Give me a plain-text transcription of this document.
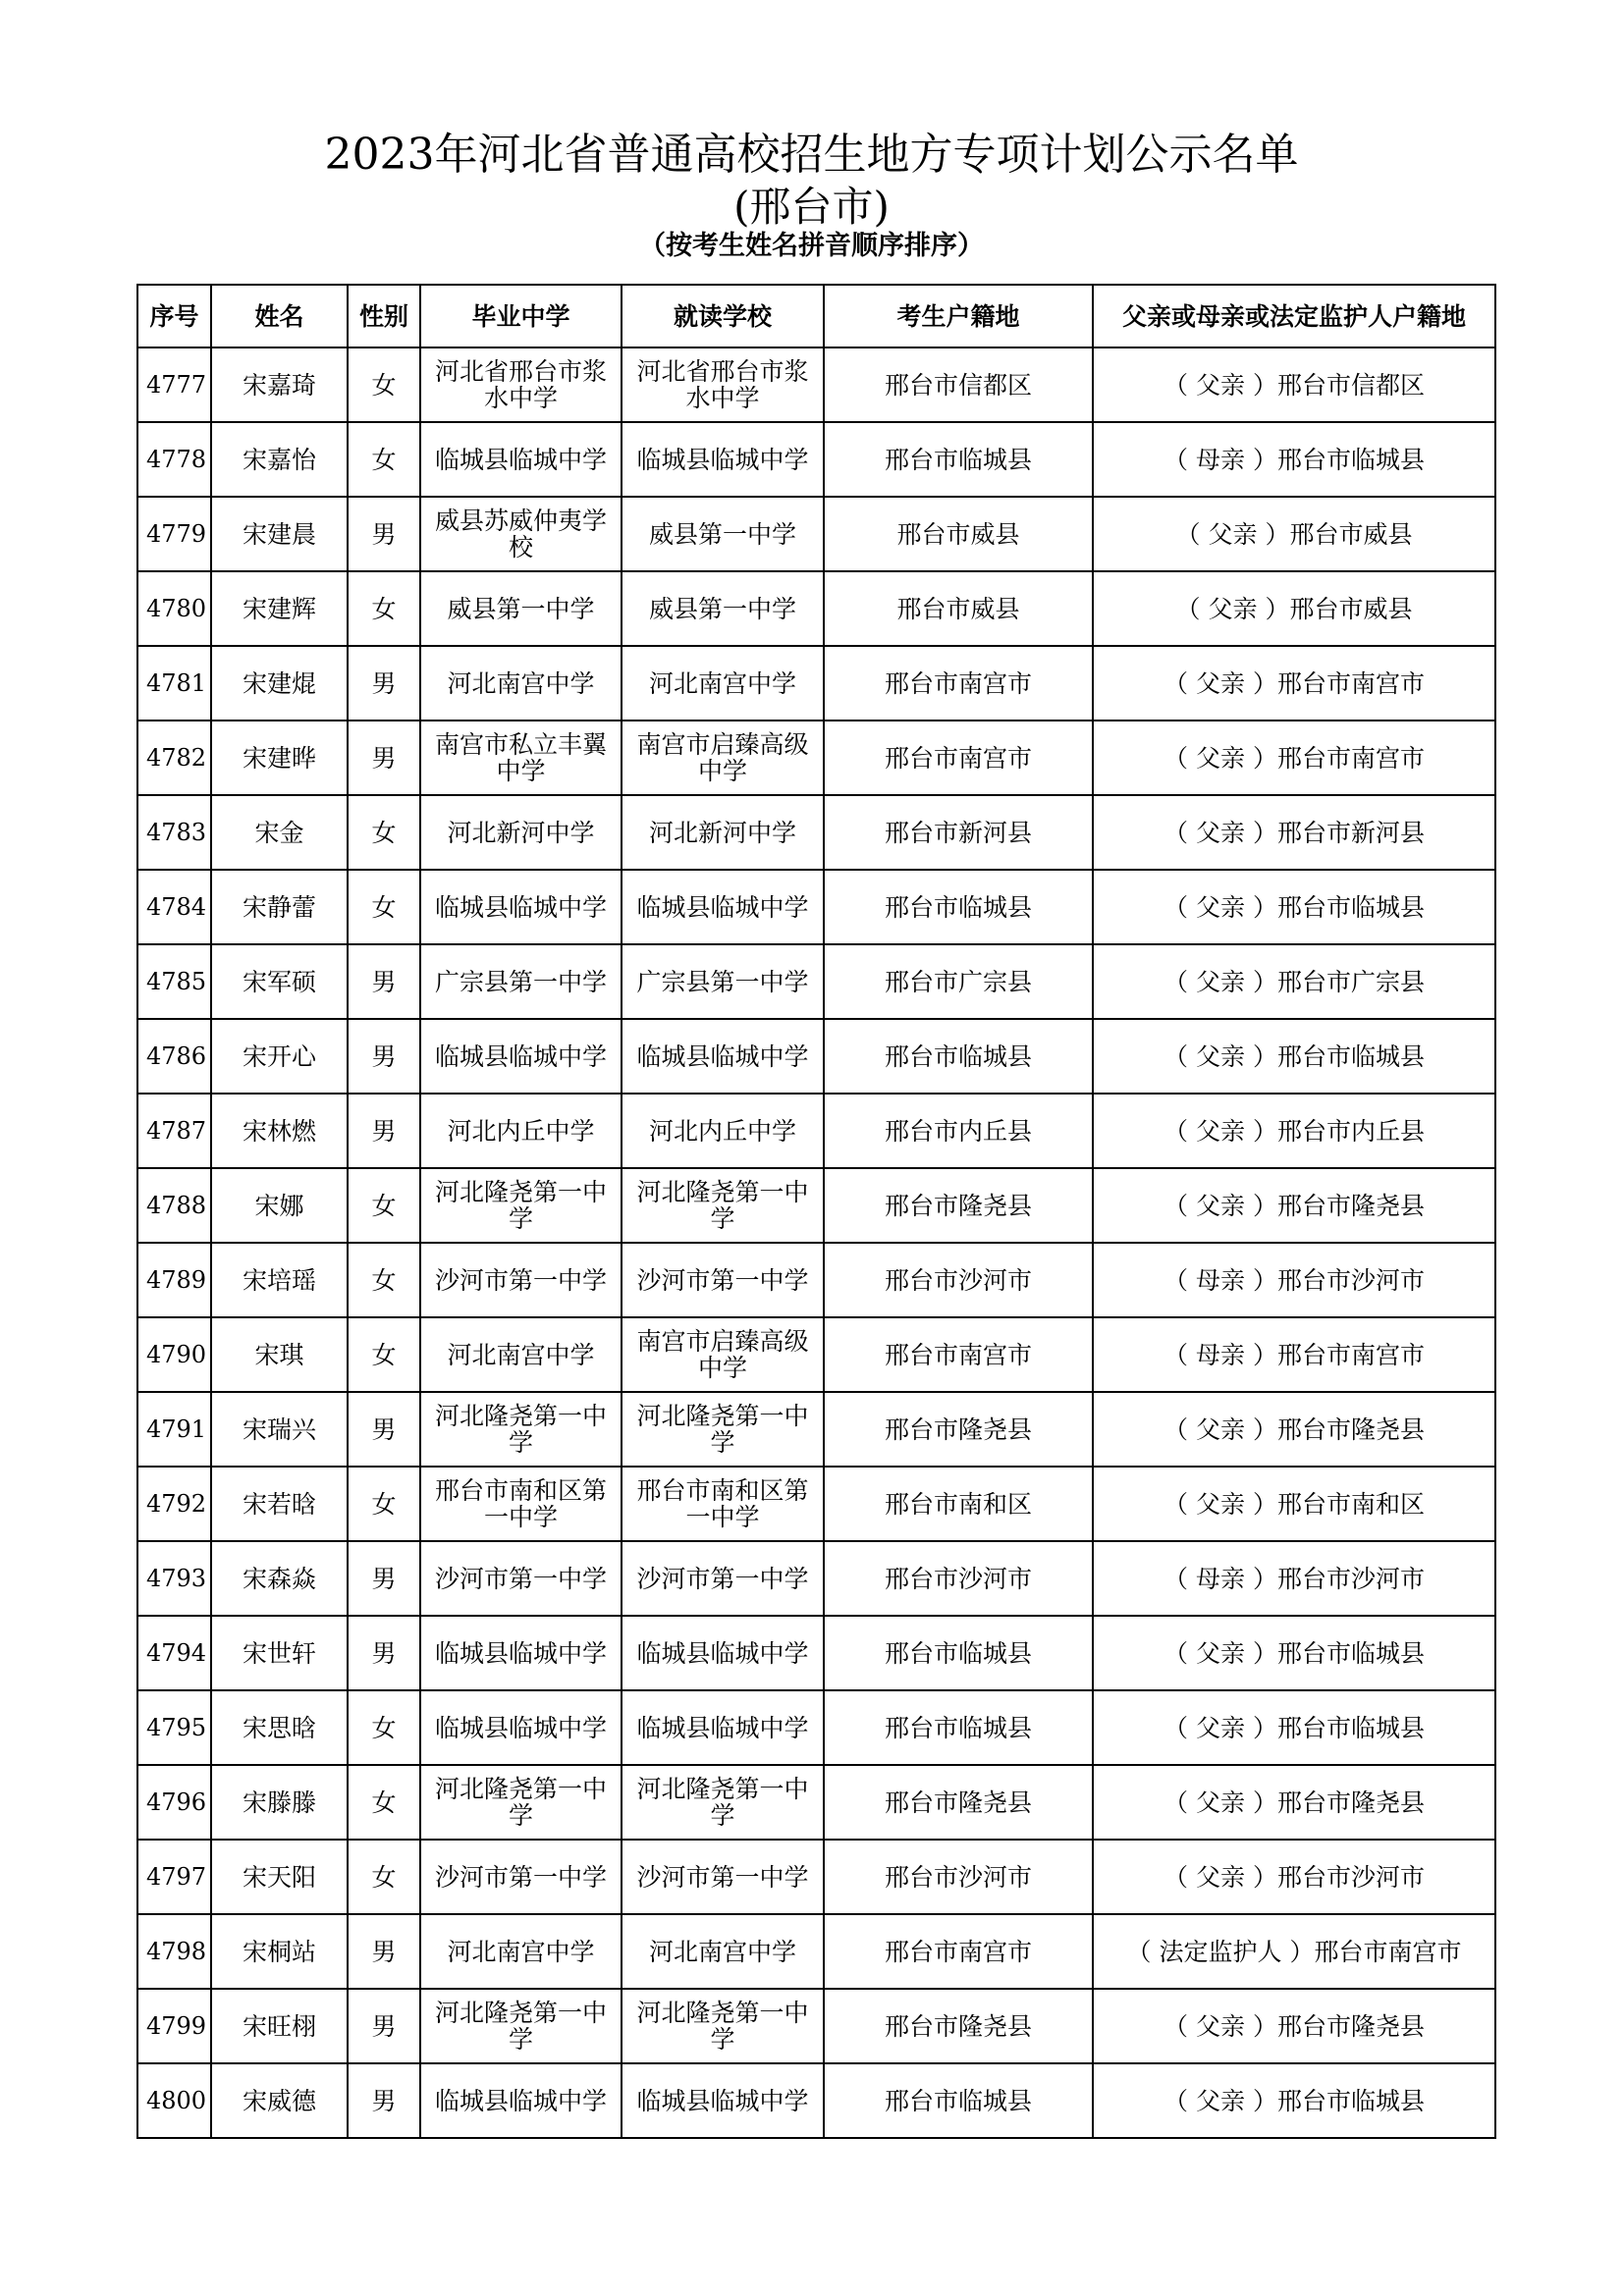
2023年河北省普通高校招生地方专项计划公示名单
(邢台市)
（按考生姓名拼音顺序排序）
序号	姓名	性别	毕业中学	就读学校	考生户籍地	父亲或母亲或法定监护人户籍地
4777	宋嘉琦	女	河北省邢台市浆水中学	河北省邢台市浆水中学	邢台市信都区	（ 父亲 ）邢台市信都区
4778	宋嘉怡	女	临城县临城中学	临城县临城中学	邢台市临城县	（ 母亲 ）邢台市临城县
4779	宋建晨	男	威县苏威仲夷学校	威县第一中学	邢台市威县	（ 父亲 ）邢台市威县
4780	宋建辉	女	威县第一中学	威县第一中学	邢台市威县	（ 父亲 ）邢台市威县
4781	宋建焜	男	河北南宫中学	河北南宫中学	邢台市南宫市	（ 父亲 ）邢台市南宫市
4782	宋建晔	男	南宫市私立丰翼中学	南宫市启臻高级中学	邢台市南宫市	（ 父亲 ）邢台市南宫市
4783	宋金	女	河北新河中学	河北新河中学	邢台市新河县	（ 父亲 ）邢台市新河县
4784	宋静蕾	女	临城县临城中学	临城县临城中学	邢台市临城县	（ 父亲 ）邢台市临城县
4785	宋军硕	男	广宗县第一中学	广宗县第一中学	邢台市广宗县	（ 父亲 ）邢台市广宗县
4786	宋开心	男	临城县临城中学	临城县临城中学	邢台市临城县	（ 父亲 ）邢台市临城县
4787	宋林燃	男	河北内丘中学	河北内丘中学	邢台市内丘县	（ 父亲 ）邢台市内丘县
4788	宋娜	女	河北隆尧第一中学	河北隆尧第一中学	邢台市隆尧县	（ 父亲 ）邢台市隆尧县
4789	宋培瑶	女	沙河市第一中学	沙河市第一中学	邢台市沙河市	（ 母亲 ）邢台市沙河市
4790	宋琪	女	河北南宫中学	南宫市启臻高级中学	邢台市南宫市	（ 母亲 ）邢台市南宫市
4791	宋瑞兴	男	河北隆尧第一中学	河北隆尧第一中学	邢台市隆尧县	（ 父亲 ）邢台市隆尧县
4792	宋若晗	女	邢台市南和区第一中学	邢台市南和区第一中学	邢台市南和区	（ 父亲 ）邢台市南和区
4793	宋森焱	男	沙河市第一中学	沙河市第一中学	邢台市沙河市	（ 母亲 ）邢台市沙河市
4794	宋世轩	男	临城县临城中学	临城县临城中学	邢台市临城县	（ 父亲 ）邢台市临城县
4795	宋思晗	女	临城县临城中学	临城县临城中学	邢台市临城县	（ 父亲 ）邢台市临城县
4796	宋滕滕	女	河北隆尧第一中学	河北隆尧第一中学	邢台市隆尧县	（ 父亲 ）邢台市隆尧县
4797	宋天阳	女	沙河市第一中学	沙河市第一中学	邢台市沙河市	（ 父亲 ）邢台市沙河市
4798	宋桐站	男	河北南宫中学	河北南宫中学	邢台市南宫市	（ 法定监护人 ）邢台市南宫市
4799	宋旺栩	男	河北隆尧第一中学	河北隆尧第一中学	邢台市隆尧县	（ 父亲 ）邢台市隆尧县
4800	宋威德	男	临城县临城中学	临城县临城中学	邢台市临城县	（ 父亲 ）邢台市临城县
